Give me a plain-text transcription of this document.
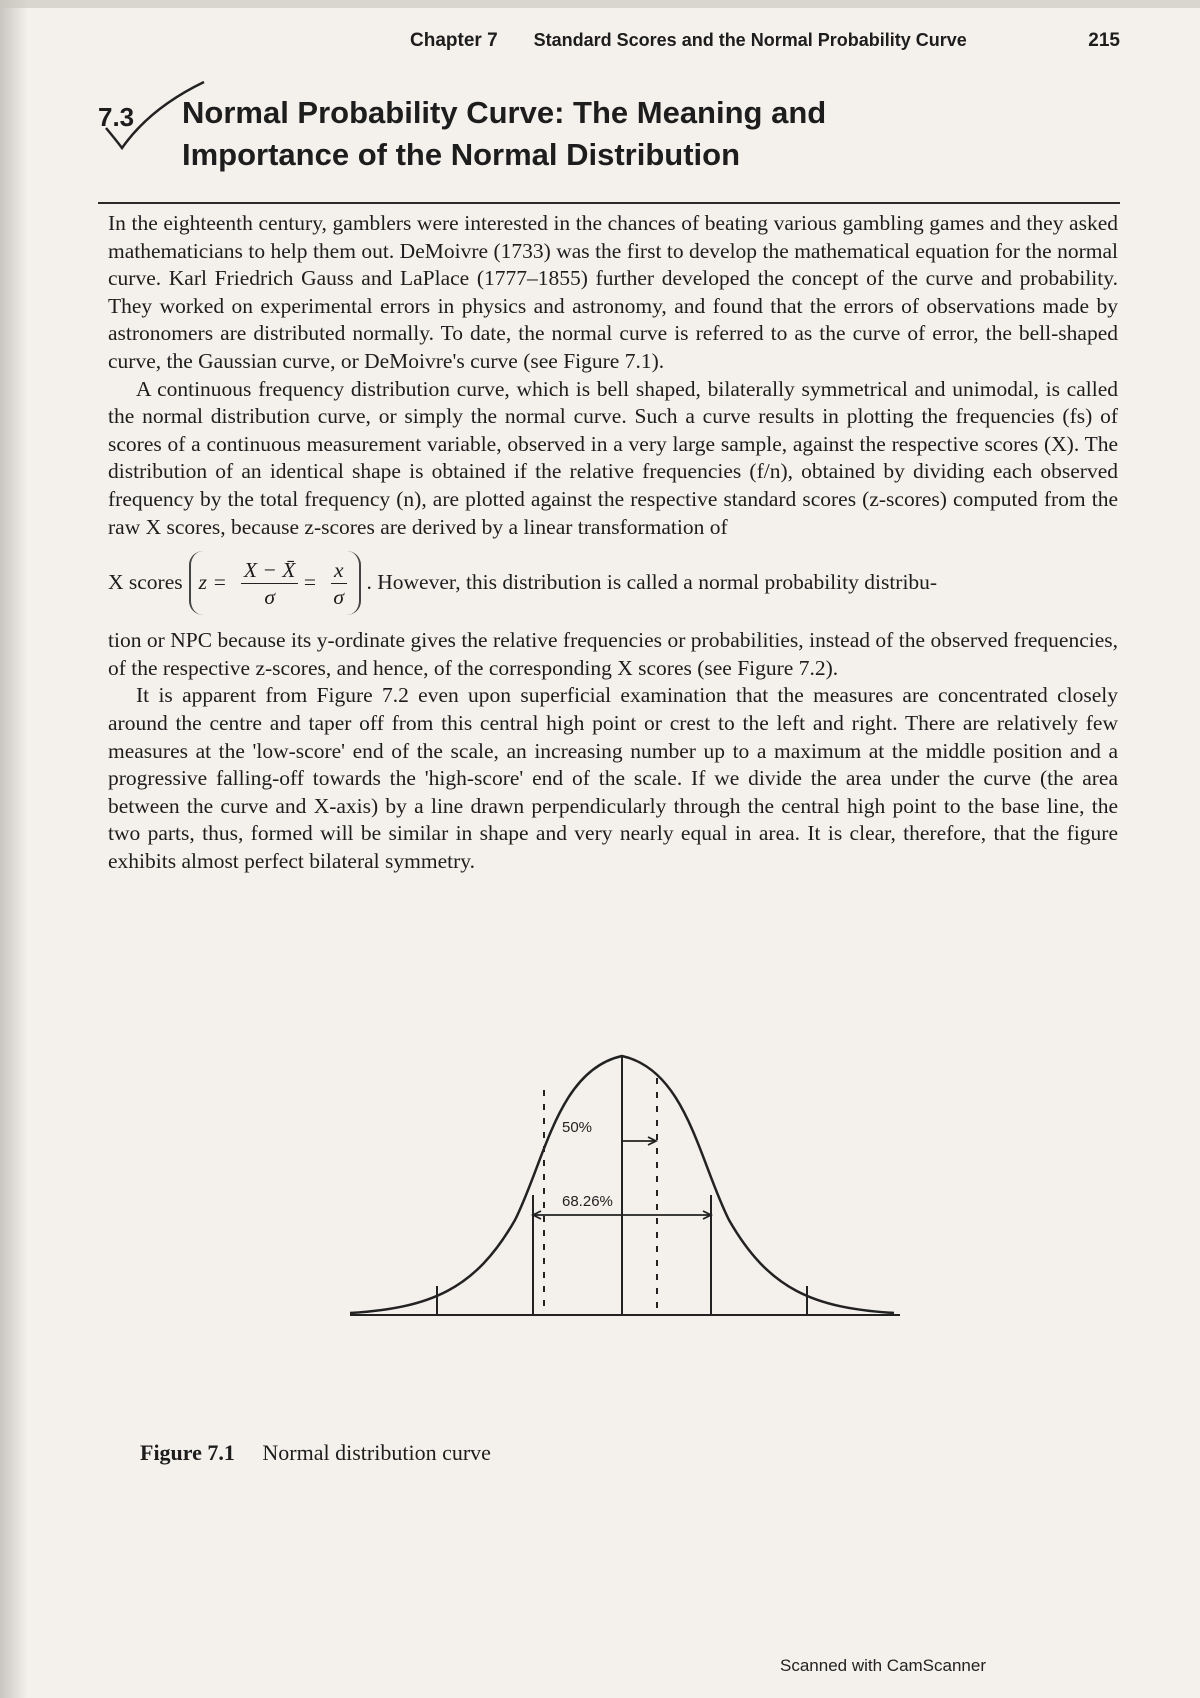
Chapter 7 Standard Scores and the Normal Probability Curve	215
7.3 Normal Probability Curve: The Meaning and
Importance of the Normal Distribution

In the eighteenth century, gamblers were interested in the chances of beating various gambling games and they asked mathematicians to help them out. DeMoivre (1733) was the first to develop the mathematical equation for the normal curve. Karl Friedrich Gauss and LaPlace (1777–1855) further developed the concept of the curve and probability. They worked on experimental errors in physics and astronomy, and found that the errors of observations made by astronomers are distributed normally. To date, the normal curve is referred to as the curve of error, the bell-shaped curve, the Gaussian curve, or DeMoivre's curve (see Figure 7.1).

A continuous frequency distribution curve, which is bell shaped, bilaterally symmetrical and unimodal, is called the normal distribution curve, or simply the normal curve. Such a curve results in plotting the frequencies (fs) of scores of a continuous measurement variable, observed in a very large sample, against the respective scores (X). The distribution of an identical shape is obtained if the relative frequencies (f/n), obtained by dividing each observed frequency by the total frequency (n), are plotted against the respective standard scores (z-scores) computed from the raw X scores, because z-scores are derived by a linear transformation of

X scores $z = \frac{X - X̄}{\sigma} = \frac{x}{\sigma}$ . However, this distribution is called a normal probability distribu-

tion or NPC because its y-ordinate gives the relative frequencies or probabilities, instead of the observed frequencies, of the respective z-scores, and hence, of the corresponding X scores (see Figure 7.2).

It is apparent from Figure 7.2 even upon superficial examination that the measures are concentrated closely around the centre and taper off from this central high point or crest to the left and right. There are relatively few measures at the 'low-score' end of the scale, an increasing number up to a maximum at the middle position and a progressive falling-off towards the 'high-score' end of the scale. If we divide the area under the curve (the area between the curve and X-axis) by a line drawn perpendicularly through the central high point to the base line, the two parts, thus, formed will be similar in shape and very nearly equal in area. It is clear, therefore, that the figure exhibits almost perfect bilateral symmetry.

50%
68.26%
Figure 7.1 Normal distribution curve
Scanned with CamScanner
